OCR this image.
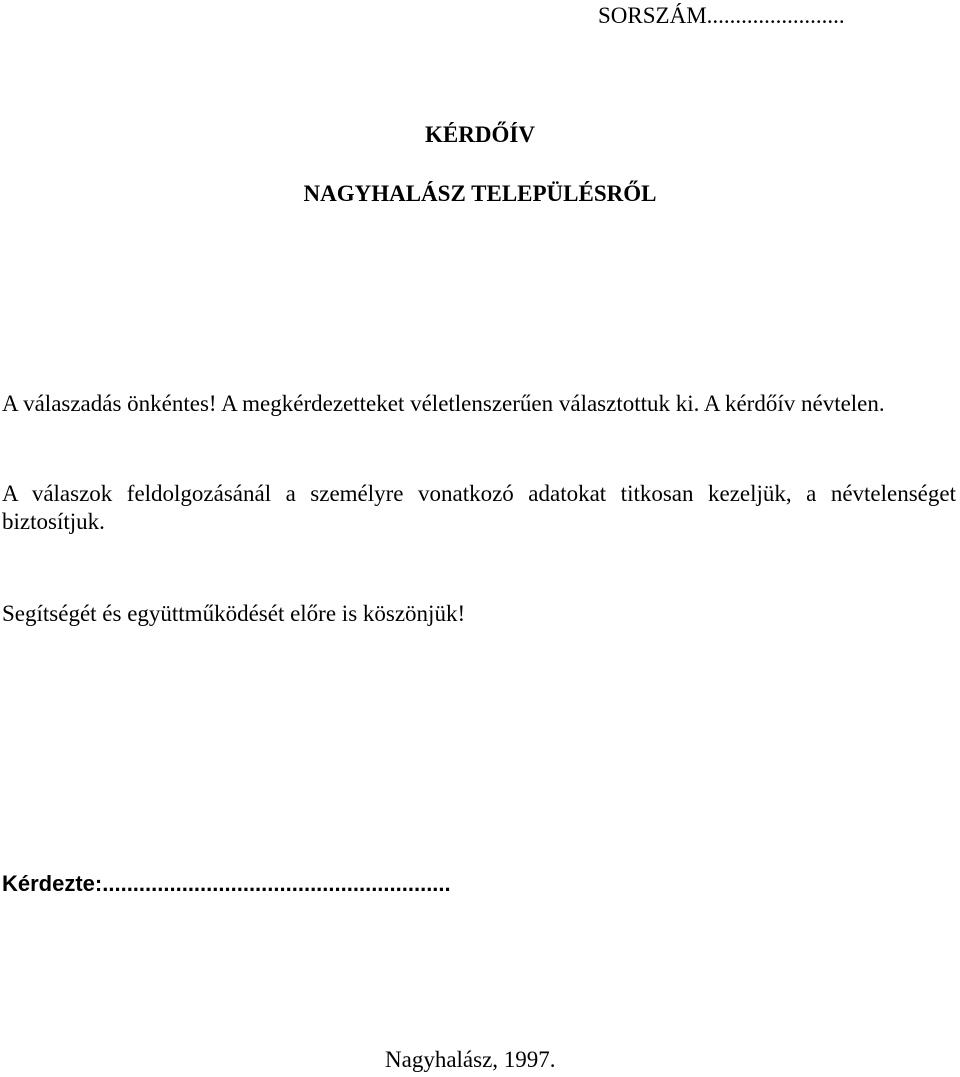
SORSZÁM........................
KÉRDŐÍV
NAGYHALÁSZ TELEPÜLÉSRŐL
A válaszadás önkéntes! A megkérdezetteket véletlenszerűen választottuk ki. A kérdőív névtelen.
A válaszok feldolgozásánál a személyre vonatkozó adatokat titkosan kezeljük, a névtelenséget biztosítjuk.
Segítségét és együttműködését előre is köszönjük!
Kérdezte:.........................................................
Nagyhalász, 1997.
